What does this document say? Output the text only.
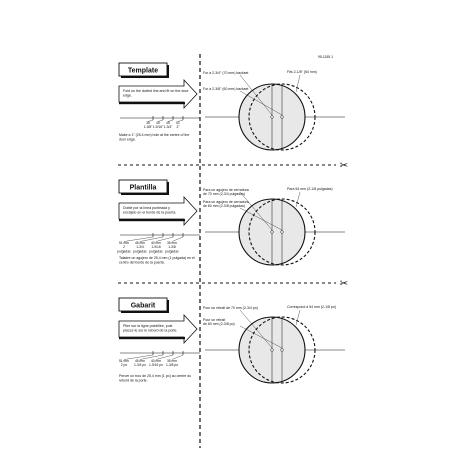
95-1155 1
Template
Fold on the dotted line and fit on the door
edge.
35
1-3/8"
40
1-9/16"
45
1-3/4"
51
2"
Make a 1" (25.4 mm) hole at the centre of the
door edge.
For a 2-3/4" (70 mm) backset
For a 2-3/8" (60 mm) backset
Fits 2-1/8" (54 mm)
Plantilla
Doble por la línea punteada y
encájelo en el borde de la puerta.
51 mm
2
pulgadas
45 mm
1-3/4
pulgadas
40 mm
1-9/16
pulgadas
35 mm
1-3/8
pulgadas
Taladre un agujero de 25,4 mm (1 pulgada) en el
centro del borde de la puerta.
Para un agujero de cerradura
de 70 mm (2-3/4 pulgadas)
Para un agujero de cerradura
de 60 mm (2-3/8 pulgadas)
Para 54 mm (2-1/8 pulgadas)
Gabarit
Plier sur la ligne pointillée, puis
placez-le sur le rebord de la porte.
51 mm
2 po
45 mm
1-3/4 po
40 mm
1-9/16 po
35 mm
1-3/8 po
Percer un trou de 25,4 mm (1 po) au centre du
rebord de la porte.
Pour un retrait de 70 mm (2-3/4 po)
Pour un retrait
de 60 mm (2-3/8 po)
Correspond à 54 mm (2-1/8 po)
✂
✂
